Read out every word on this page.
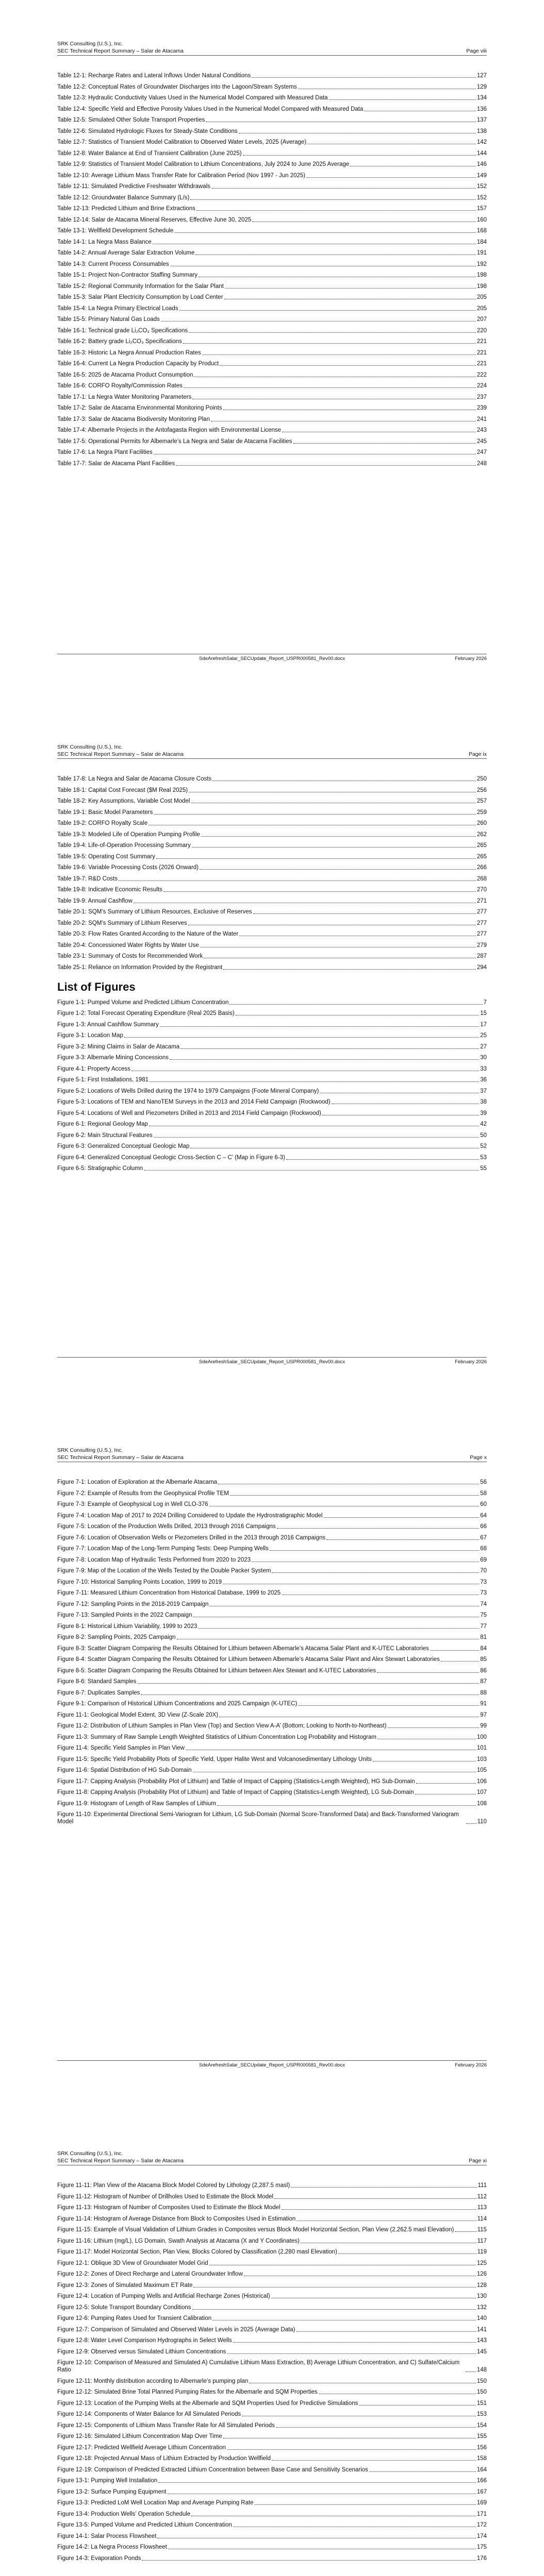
SRK Consulting (U.S.), Inc.
SEC Technical Report Summary – Salar de Atacama	Page viii
Table 12-1: Recharge Rates and Lateral Inflows Under Natural Conditions	127
Table 12-2: Conceptual Rates of Groundwater Discharges into the Lagoon/Stream Systems	129
Table 12-3: Hydraulic Conductivity Values Used in the Numerical Model Compared with Measured Data	134
Table 12-4: Specific Yield and Effective Porosity Values Used in the Numerical Model Compared with Measured Data	136
Table 12-5: Simulated Other Solute Transport Properties	137
Table 12-6: Simulated Hydrologic Fluxes for Steady-State Conditions	138
Table 12-7: Statistics of Transient Model Calibration to Observed Water Levels, 2025 (Average)	142
Table 12-8: Water Balance at End of Transient Calibration (June 2025)	144
Table 12-9: Statistics of Transient Model Calibration to Lithium Concentrations, July 2024 to June 2025 Average	146
Table 12-10: Average Lithium Mass Transfer Rate for Calibration Period (Nov 1997 - Jun 2025)	149
Table 12-11: Simulated Predictive Freshwater Withdrawals	152
Table 12-12: Groundwater Balance Summary (L/s)	152
Table 12-13: Predicted Lithium and Brine Extractions	157
Table 12-14: Salar de Atacama Mineral Reserves, Effective June 30, 2025	160
Table 13-1: Wellfield Development Schedule	168
Table 14-1: La Negra Mass Balance	184
Table 14-2: Annual Average Salar Extraction Volume	191
Table 14-3: Current Process Consumables	192
Table 15-1: Project Non-Contractor Staffing Summary	198
Table 15-2: Regional Community Information for the Salar Plant	198
Table 15-3: Salar Plant Electricity Consumption by Load Center	205
Table 15-4: La Negra Primary Electrical Loads	205
Table 15-5: Primary Natural Gas Loads	207
Table 16-1: Technical grade Li₂CO₃ Specifications	220
Table 16-2: Battery grade Li₂CO₃ Specifications	221
Table 16-3: Historic La Negra Annual Production Rates	221
Table 16-4: Current La Negra Production Capacity by Product	221
Table 16-5: 2025 de Atacama Product Consumption	222
Table 16-6: CORFO Royalty/Commission Rates	224
Table 17-1: La Negra Water Monitoring Parameters	237
Table 17-2: Salar de Atacama Environmental Monitoring Points	239
Table 17-3: Salar de Atacama Biodiversity Monitoring Plan	241
Table 17-4: Albemarle Projects in the Antofagasta Region with Environmental License	243
Table 17-5: Operational Permits for Albemarle’s La Negra and Salar de Atacama Facilities	245
Table 17-6: La Negra Plant Facilities	247
Table 17-7: Salar de Atacama Plant Facilities	248
SdeArefreshSalar_SECUpdate_Report_USPR000581_Rev00.docx	February 2026
SRK Consulting (U.S.), Inc.
SEC Technical Report Summary – Salar de Atacama	Page ix
Table 17-8: La Negra and Salar de Atacama Closure Costs	250
Table 18-1: Capital Cost Forecast ($M Real 2025)	256
Table 18-2: Key Assumptions, Variable Cost Model	257
Table 19-1: Basic Model Parameters	259
Table 19-2: CORFO Royalty Scale	260
Table 19-3: Modeled Life of Operation Pumping Profile	262
Table 19-4: Life-of-Operation Processing Summary	265
Table 19-5: Operating Cost Summary	265
Table 19-6: Variable Processing Costs (2026 Onward)	266
Table 19-7: R&D Costs	268
Table 19-8: Indicative Economic Results	270
Table 19-9: Annual Cashflow	271
Table 20-1: SQM’s Summary of Lithium Resources, Exclusive of Reserves	277
Table 20-2: SQM’s Summary of Lithium Reserves	277
Table 20-3: Flow Rates Granted According to the Nature of the Water	277
Table 20-4: Concessioned Water Rights by Water Use	279
Table 23-1: Summary of Costs for Recommended Work	287
Table 25-1: Reliance on Information Provided by the Registrant	294
List of Figures
Figure 1-1: Pumped Volume and Predicted Lithium Concentration	7
Figure 1-2: Total Forecast Operating Expenditure (Real 2025 Basis)	15
Figure 1-3: Annual Cashflow Summary	17
Figure 3-1: Location Map	25
Figure 3-2: Mining Claims in Salar de Atacama	27
Figure 3-3: Albemarle Mining Concessions	30
Figure 4-1: Property Access	33
Figure 5-1: First Installations, 1981	36
Figure 5-2: Locations of Wells Drilled during the 1974 to 1979 Campaigns (Foote Mineral Company)	37
Figure 5-3: Locations of TEM and NanoTEM Surveys in the 2013 and 2014 Field Campaign (Rockwood)	38
Figure 5-4: Locations of Well and Piezometers Drilled in 2013 and 2014 Field Campaign (Rockwood)	39
Figure 6-1: Regional Geology Map	42
Figure 6-2: Main Structural Features	50
Figure 6-3: Generalized Conceptual Geologic Map	52
Figure 6-4: Generalized Conceptual Geologic Cross-Section C – C’ (Map in Figure 6-3)	53
Figure 6-5: Stratigraphic Column	55
SdeArefreshSalar_SECUpdate_Report_USPR000581_Rev00.docx	February 2026
SRK Consulting (U.S.), Inc.
SEC Technical Report Summary – Salar de Atacama	Page x
Figure 7-1: Location of Exploration at the Albemarle Atacama	56
Figure 7-2: Example of Results from the Geophysical Profile TEM	58
Figure 7-3: Example of Geophysical Log in Well CLO-376	60
Figure 7-4: Location Map of 2017 to 2024 Drilling Considered to Update the Hydrostratigraphic Model	64
Figure 7-5: Location of the Production Wells Drilled, 2013 through 2016 Campaigns	66
Figure 7-6: Location of Observation Wells or Piezometers Drilled in the 2013 through 2016 Campaigns	67
Figure 7-7: Location Map of the Long-Term Pumping Tests: Deep Pumping Wells	68
Figure 7-8: Location Map of Hydraulic Tests Performed from 2020 to 2023	69
Figure 7-9: Map of the Location of the Wells Tested by the Double Packer System	70
Figure 7-10: Historical Sampling Points Location, 1999 to 2019	73
Figure 7-11: Measured Lithium Concentration from Historical Database, 1999 to 2025	73
Figure 7-12: Sampling Points in the 2018-2019 Campaign	74
Figure 7-13: Sampled Points in the 2022 Campaign	75
Figure 8-1: Historical Lithium Variability, 1999 to 2023	77
Figure 8-2: Sampling Points, 2025 Campaign	81
Figure 8-3: Scatter Diagram Comparing the Results Obtained for Lithium between Albemarle’s Atacama Salar Plant and K-UTEC Laboratories	84
Figure 8-4: Scatter Diagram Comparing the Results Obtained for Lithium between Albemarle’s Atacama Salar Plant and Alex Stewart Laboratories	85
Figure 8-5: Scatter Diagram Comparing the Results Obtained for Lithium between Alex Stewart and K-UTEC Laboratories	86
Figure 8-6: Standard Samples	87
Figure 8-7: Duplicates Samples	88
Figure 9-1: Comparison of Historical Lithium Concentrations and 2025 Campaign (K-UTEC)	91
Figure 11-1: Geological Model Extent, 3D View (Z-Scale 20X)	97
Figure 11-2: Distribution of Lithium Samples in Plan View (Top) and Section View A-A’ (Bottom; Looking to North-to-Northeast)	99
Figure 11-3: Summary of Raw Sample Length Weighted Statistics of Lithium Concentration Log Probability and Histogram	100
Figure 11-4: Specific Yield Samples in Plan View	101
Figure 11-5: Specific Yield Probability Plots of Specific Yield, Upper Halite West and Volcanosedimentary Lithology Units	103
Figure 11-6: Spatial Distribution of HG Sub-Domain	105
Figure 11-7: Capping Analysis (Probability Plot of Lithium) and Table of Impact of Capping (Statistics-Length Weighted), HG Sub-Domain	106
Figure 11-8: Capping Analysis (Probability Plot of Lithium) and Table of Impact of Capping (Statistics-Length Weighted), LG Sub-Domain	107
Figure 11-9: Histogram of Length of Raw Samples of Lithium	108
Figure 11-10: Experimental Directional Semi-Variogram for Lithium, LG Sub-Domain (Normal Score-Transformed Data) and Back-Transformed Variogram Model	110
SdeArefreshSalar_SECUpdate_Report_USPR000581_Rev00.docx	February 2026
SRK Consulting (U.S.), Inc.
SEC Technical Report Summary – Salar de Atacama	Page xi
Figure 11-11: Plan View of the Atacama Block Model Colored by Lithology (2,287.5 masl)	111
Figure 11-12: Histogram of Number of Drillholes Used to Estimate the Block Model	112
Figure 11-13: Histogram of Number of Composites Used to Estimate the Block Model	113
Figure 11-14: Histogram of Average Distance from Block to Composites Used in Estimation	114
Figure 11-15: Example of Visual Validation of Lithium Grades in Composites versus Block Model Horizontal Section, Plan View (2,262.5 masl Elevation)	115
Figure 11-16: Lithium (mg/L), LG Domain, Swath Analysis at Atacama (X and Y Coordinates)	117
Figure 11-17: Model Horizontal Section, Plan View, Blocks Colored by Classification (2,280 masl Elevation)	119
Figure 12-1: Oblique 3D View of Groundwater Model Grid	125
Figure 12-2: Zones of Direct Recharge and Lateral Groundwater Inflow	126
Figure 12-3: Zones of Simulated Maximum ET Rate	128
Figure 12-4: Location of Pumping Wells and Artificial Recharge Zones (Historical)	130
Figure 12-5: Solute Transport Boundary Conditions	132
Figure 12-6: Pumping Rates Used for Transient Calibration	140
Figure 12-7: Comparison of Simulated and Observed Water Levels in 2025 (Average Data)	141
Figure 12-8: Water Level Comparison Hydrographs in Select Wells	143
Figure 12-9: Observed versus Simulated Lithium Concentrations	145
Figure 12-10: Comparison of Measured and Simulated A) Cumulative Lithium Mass Extraction, B) Average Lithium Concentration, and C) Sulfate/Calcium Ratio	148
Figure 12-11: Monthly distribution according to Albemarle’s pumping plan	150
Figure 12-12: Simulated Brine Total Planned Pumping Rates for the Albemarle and SQM Properties	150
Figure 12-13: Location of the Pumping Wells at the Albemarle and SQM Properties Used for Predictive Simulations	151
Figure 12-14: Components of Water Balance for All Simulated Periods	153
Figure 12-15: Components of Lithium Mass Transfer Rate for All Simulated Periods	154
Figure 12-16: Simulated Lithium Concentration Map Over Time	155
Figure 12-17: Predicted Wellfield Average Lithium Concentration	156
Figure 12-18: Projected Annual Mass of Lithium Extracted by Production Wellfield	158
Figure 12-19: Comparison of Predicted Extracted Lithium Concentration between Base Case and Sensitivity Scenarios	164
Figure 13-1: Pumping Well Installation	166
Figure 13-2: Surface Pumping Equipment	167
Figure 13-3: Predicted LoM Well Location Map and Average Pumping Rate	169
Figure 13-4: Production Wells’ Operation Schedule	171
Figure 13-5: Pumped Volume and Predicted Lithium Concentration	172
Figure 14-1: Salar Process Flowsheet	174
Figure 14-2: La Negra Process Flowsheet	175
Figure 14-3: Evaporation Ponds	176
